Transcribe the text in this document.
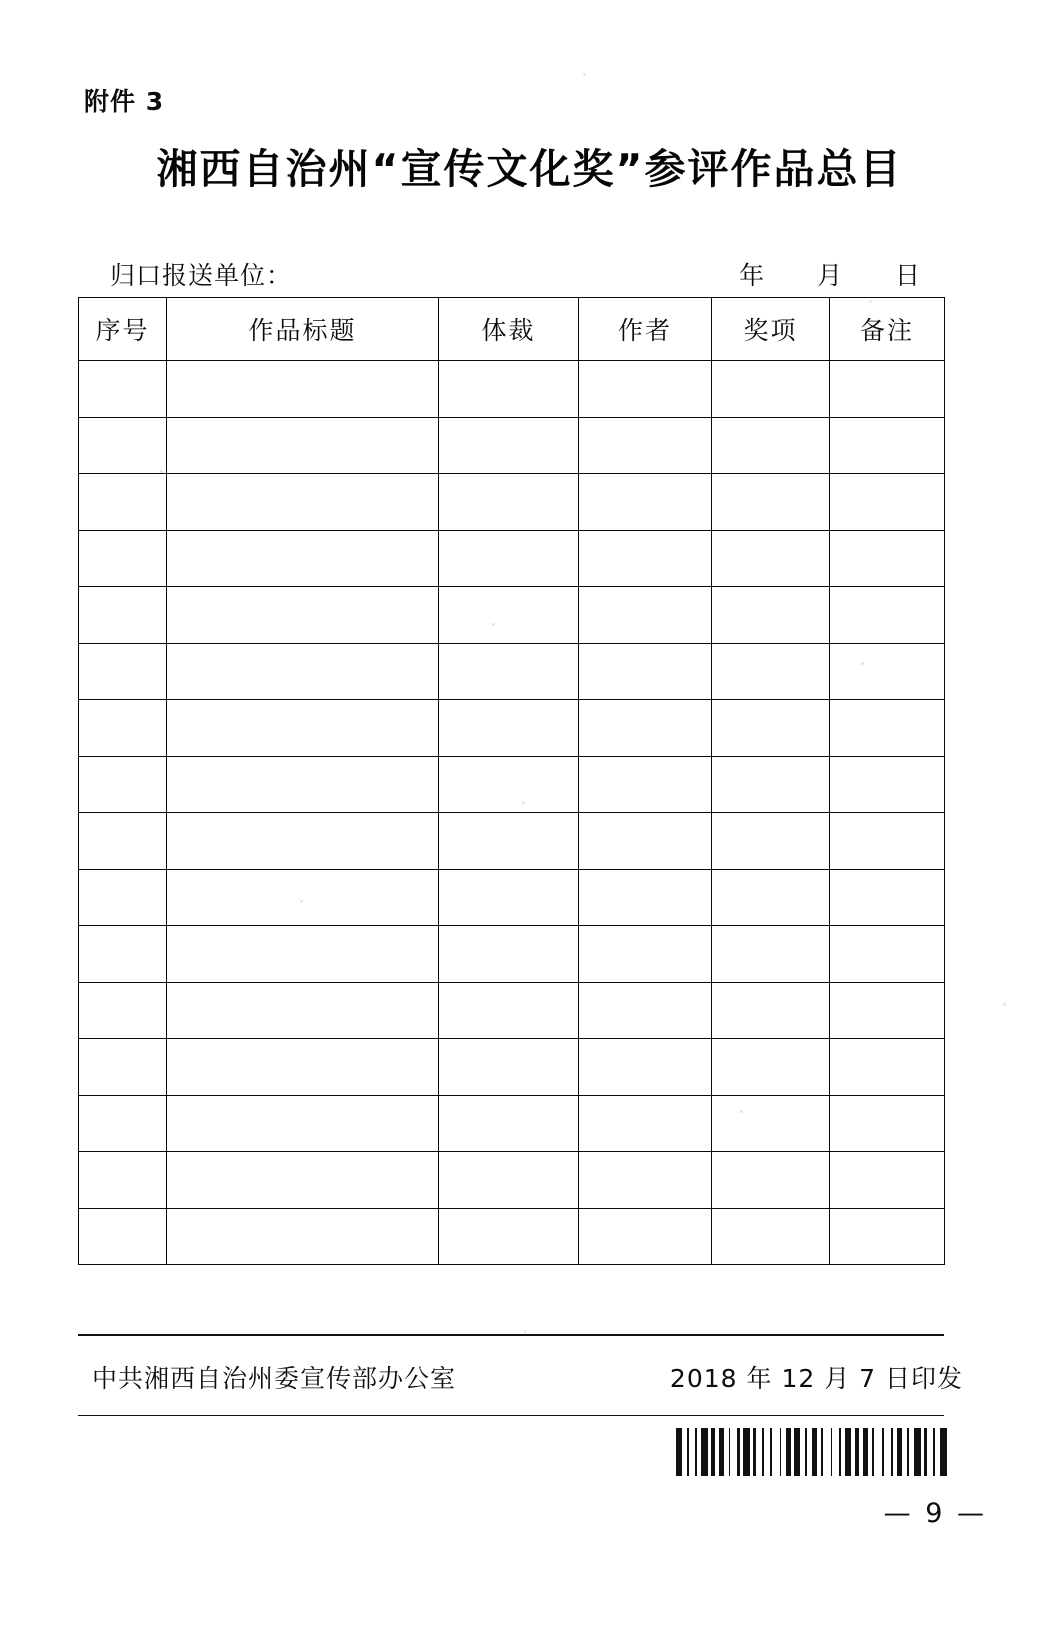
附件 3
湘西自治州“宣传文化奖”参评作品总目
归口报送单位：	年 月 日
序号	作品标题	体裁	作者	奖项	备注

中共湘西自治州委宣传部办公室	2018 年 12 月 7 日印发
— 9 —
